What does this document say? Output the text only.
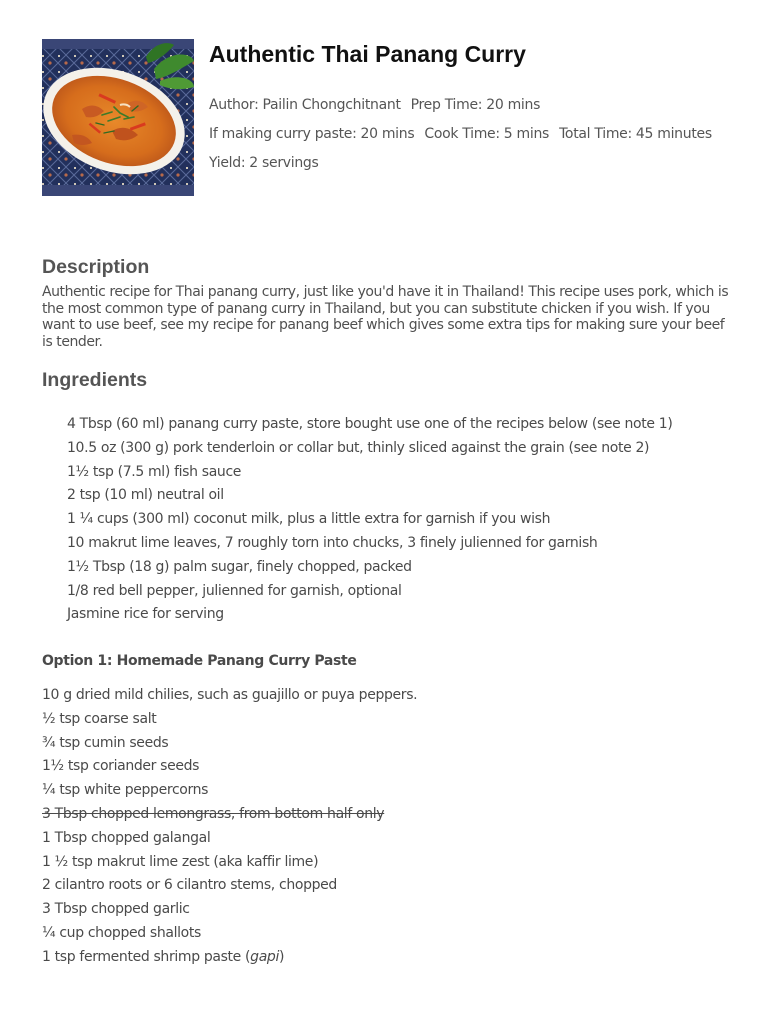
Authentic Thai Panang Curry
Author: Pailin Chongchitnant Prep Time: 20 mins
If making curry paste: 20 mins Cook Time: 5 mins Total Time: 45 minutes
Yield: 2 servings
Description

Authentic recipe for Thai panang curry, just like you'd have it in Thailand! This recipe uses pork, which is the most common type of panang curry in Thailand, but you can substitute chicken if you wish. If you want to use beef, see my recipe for panang beef which gives some extra tips for making sure your beef is tender.

Ingredients
4 Tbsp (60 ml) panang curry paste, store bought use one of the recipes below (see note 1)
10.5 oz (300 g) pork tenderloin or collar but, thinly sliced against the grain (see note 2)
1½ tsp (7.5 ml) fish sauce
2 tsp (10 ml) neutral oil
1 ¼ cups (300 ml) coconut milk, plus a little extra for garnish if you wish
10 makrut lime leaves, 7 roughly torn into chucks, 3 finely julienned for garnish
1½ Tbsp (18 g) palm sugar, finely chopped, packed
1/8 red bell pepper, julienned for garnish, optional
Jasmine rice for serving
Option 1: Homemade Panang Curry Paste
10 g dried mild chilies, such as guajillo or puya peppers.
½ tsp coarse salt
¾ tsp cumin seeds
1½ tsp coriander seeds
¼ tsp white peppercorns
3 Tbsp chopped lemongrass, from bottom half only
1 Tbsp chopped galangal
1 ½ tsp makrut lime zest (aka kaffir lime)
2 cilantro roots or 6 cilantro stems, chopped
3 Tbsp chopped garlic
¼ cup chopped shallots
1 tsp fermented shrimp paste (gapi)
